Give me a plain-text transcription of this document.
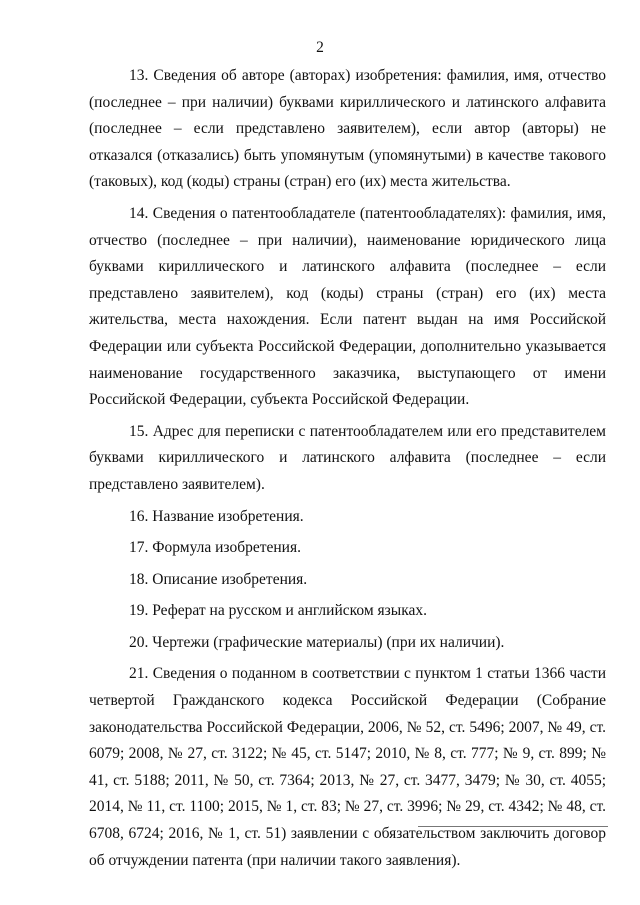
2

13. Сведения об авторе (авторах) изобретения: фамилия, имя, отчество (последнее – при наличии) буквами кириллического и латинского алфавита (последнее – если представлено заявителем), если автор (авторы) не отказался (отказались) быть упомянутым (упомянутыми) в качестве такового (таковых), код (коды) страны (стран) его (их) места жительства.

14. Сведения о патентообладателе (патентообладателях): фамилия, имя, отчество (последнее – при наличии), наименование юридического лица буквами кириллического и латинского алфавита (последнее – если представлено заявителем), код (коды) страны (стран) его (их) места жительства, места нахождения. Если патент выдан на имя Российской Федерации или субъекта Российской Федерации, дополнительно указывается наименование государственного заказчика, выступающего от имени Российской Федерации, субъекта Российской Федерации.

15. Адрес для переписки с патентообладателем или его представителем буквами кириллического и латинского алфавита (последнее – если представлено заявителем).

16. Название изобретения.

17. Формула изобретения.

18. Описание изобретения.

19. Реферат на русском и английском языках.

20. Чертежи (графические материалы) (при их наличии).

21. Сведения о поданном в соответствии с пунктом 1 статьи 1366 части четвертой Гражданского кодекса Российской Федерации (Собрание законодательства Российской Федерации, 2006, № 52, ст. 5496; 2007, № 49, ст. 6079; 2008, № 27, ст. 3122; № 45, ст. 5147; 2010, № 8, ст. 777; № 9, ст. 899; № 41, ст. 5188; 2011, № 50, ст. 7364; 2013, № 27, ст. 3477, 3479; № 30, ст. 4055; 2014, № 11, ст. 1100; 2015, № 1, ст. 83; № 27, ст. 3996; № 29, ст. 4342; № 48, ст. 6708, 6724; 2016, № 1, ст. 51) заявлении с обязательством заключить договор об отчуждении патента (при наличии такого заявления).
